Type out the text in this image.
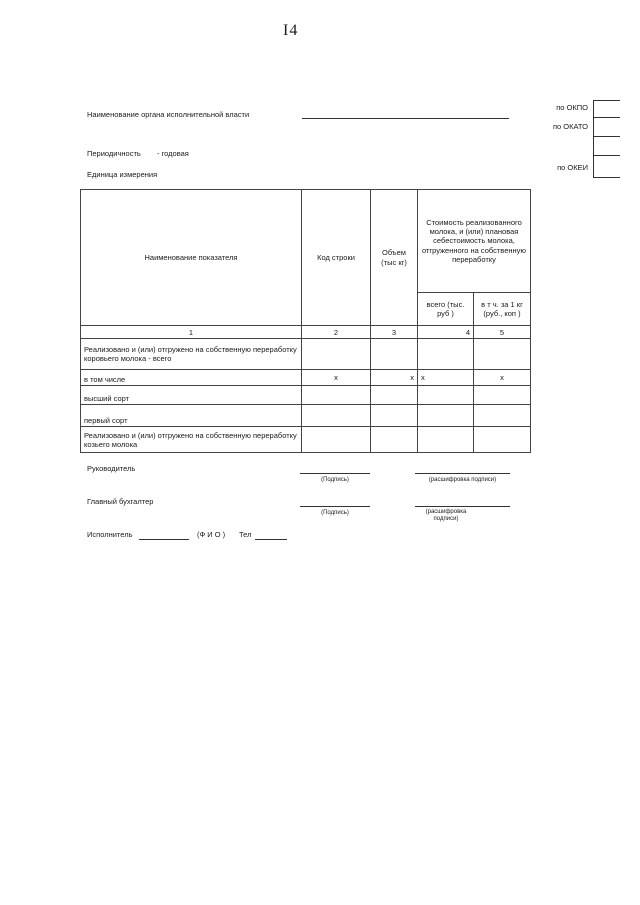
I4
Наименование органа исполнительной власти
Периодичность - годовая
Единица измерения
по ОКПО
по ОКАТО
по ОКЕИ
Наименование показателя	Код строки	Объем (тыс кг)	Стоимость реализованного молока, и (или) плановая себестоимость молока, отгруженного на собственную переработку	
			всего (тыс. руб )	в т ч. за 1 кг (руб., коп )
1	2	3	4	5
Реализовано и (или) отгружено на собственную переработку коровьего молока - всего				
в том числе	х	х	х	х
высший сорт				
первый сорт				
Реализовано и (или) отгружено на собственную переработку козьего молока				
Руководитель
(Подпись)	(расшифровка подписи)
Главный бухгалтер
(Подпись)	(расшифровка подписи)
Исполнитель	(Ф И О ) Тел
